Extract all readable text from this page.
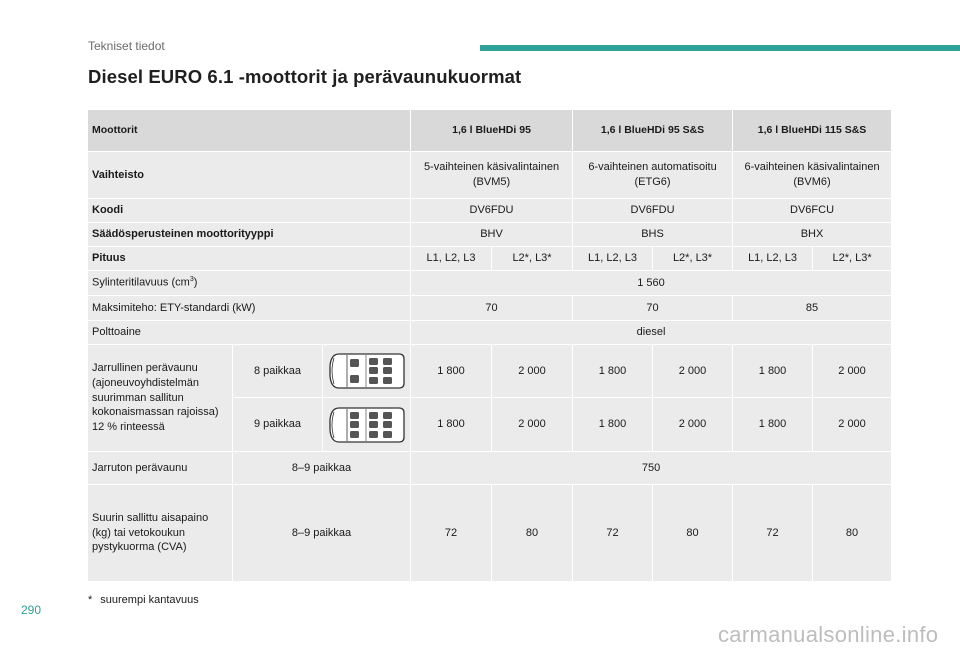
Tekniset tiedot
Diesel EURO 6.1 -moottorit ja perävaunukuormat
Moottorit			1,6 l BlueHDi 95		1,6 l BlueHDi 95 S&S		1,6 l BlueHDi 115 S&S	
Vaihteisto			5-vaihteinen käsivalintainen (BVM5)		6-vaihteinen automatisoitu (ETG6)		6-vaihteinen käsivalintainen (BVM6)	
Koodi			DV6FDU		DV6FDU		DV6FCU	
Säädösperusteinen moottorityyppi			BHV		BHS		BHX	
Pituus			L1, L2, L3	L2*, L3*	L1, L2, L3	L2*, L3*	L1, L2, L3	L2*, L3*
Sylinteritilavuus $(cm^3)$			1 560					
Maksimiteho: ETY-standardi (kW)			70		70		85	
Polttoaine			diesel					
Jarrullinen perävaunu (ajoneuvoyhdistelmän suurimman sallitun kokonaismassan rajoissa) 12 % rinteessä	8 paikkaa		1 800	2 000	1 800	2 000	1 800	2 000
	9 paikkaa		1 800	2 000	1 800	2 000	1 800	2 000
Jarruton perävaunu	8–9 paikkaa		750					
Suurin sallittu aisapaino (kg) tai vetokoukun pystykuorma (CVA)	8–9 paikkaa		72	80	72	80	72	80
* suurempi kantavuus
290
carmanualsonline.info
